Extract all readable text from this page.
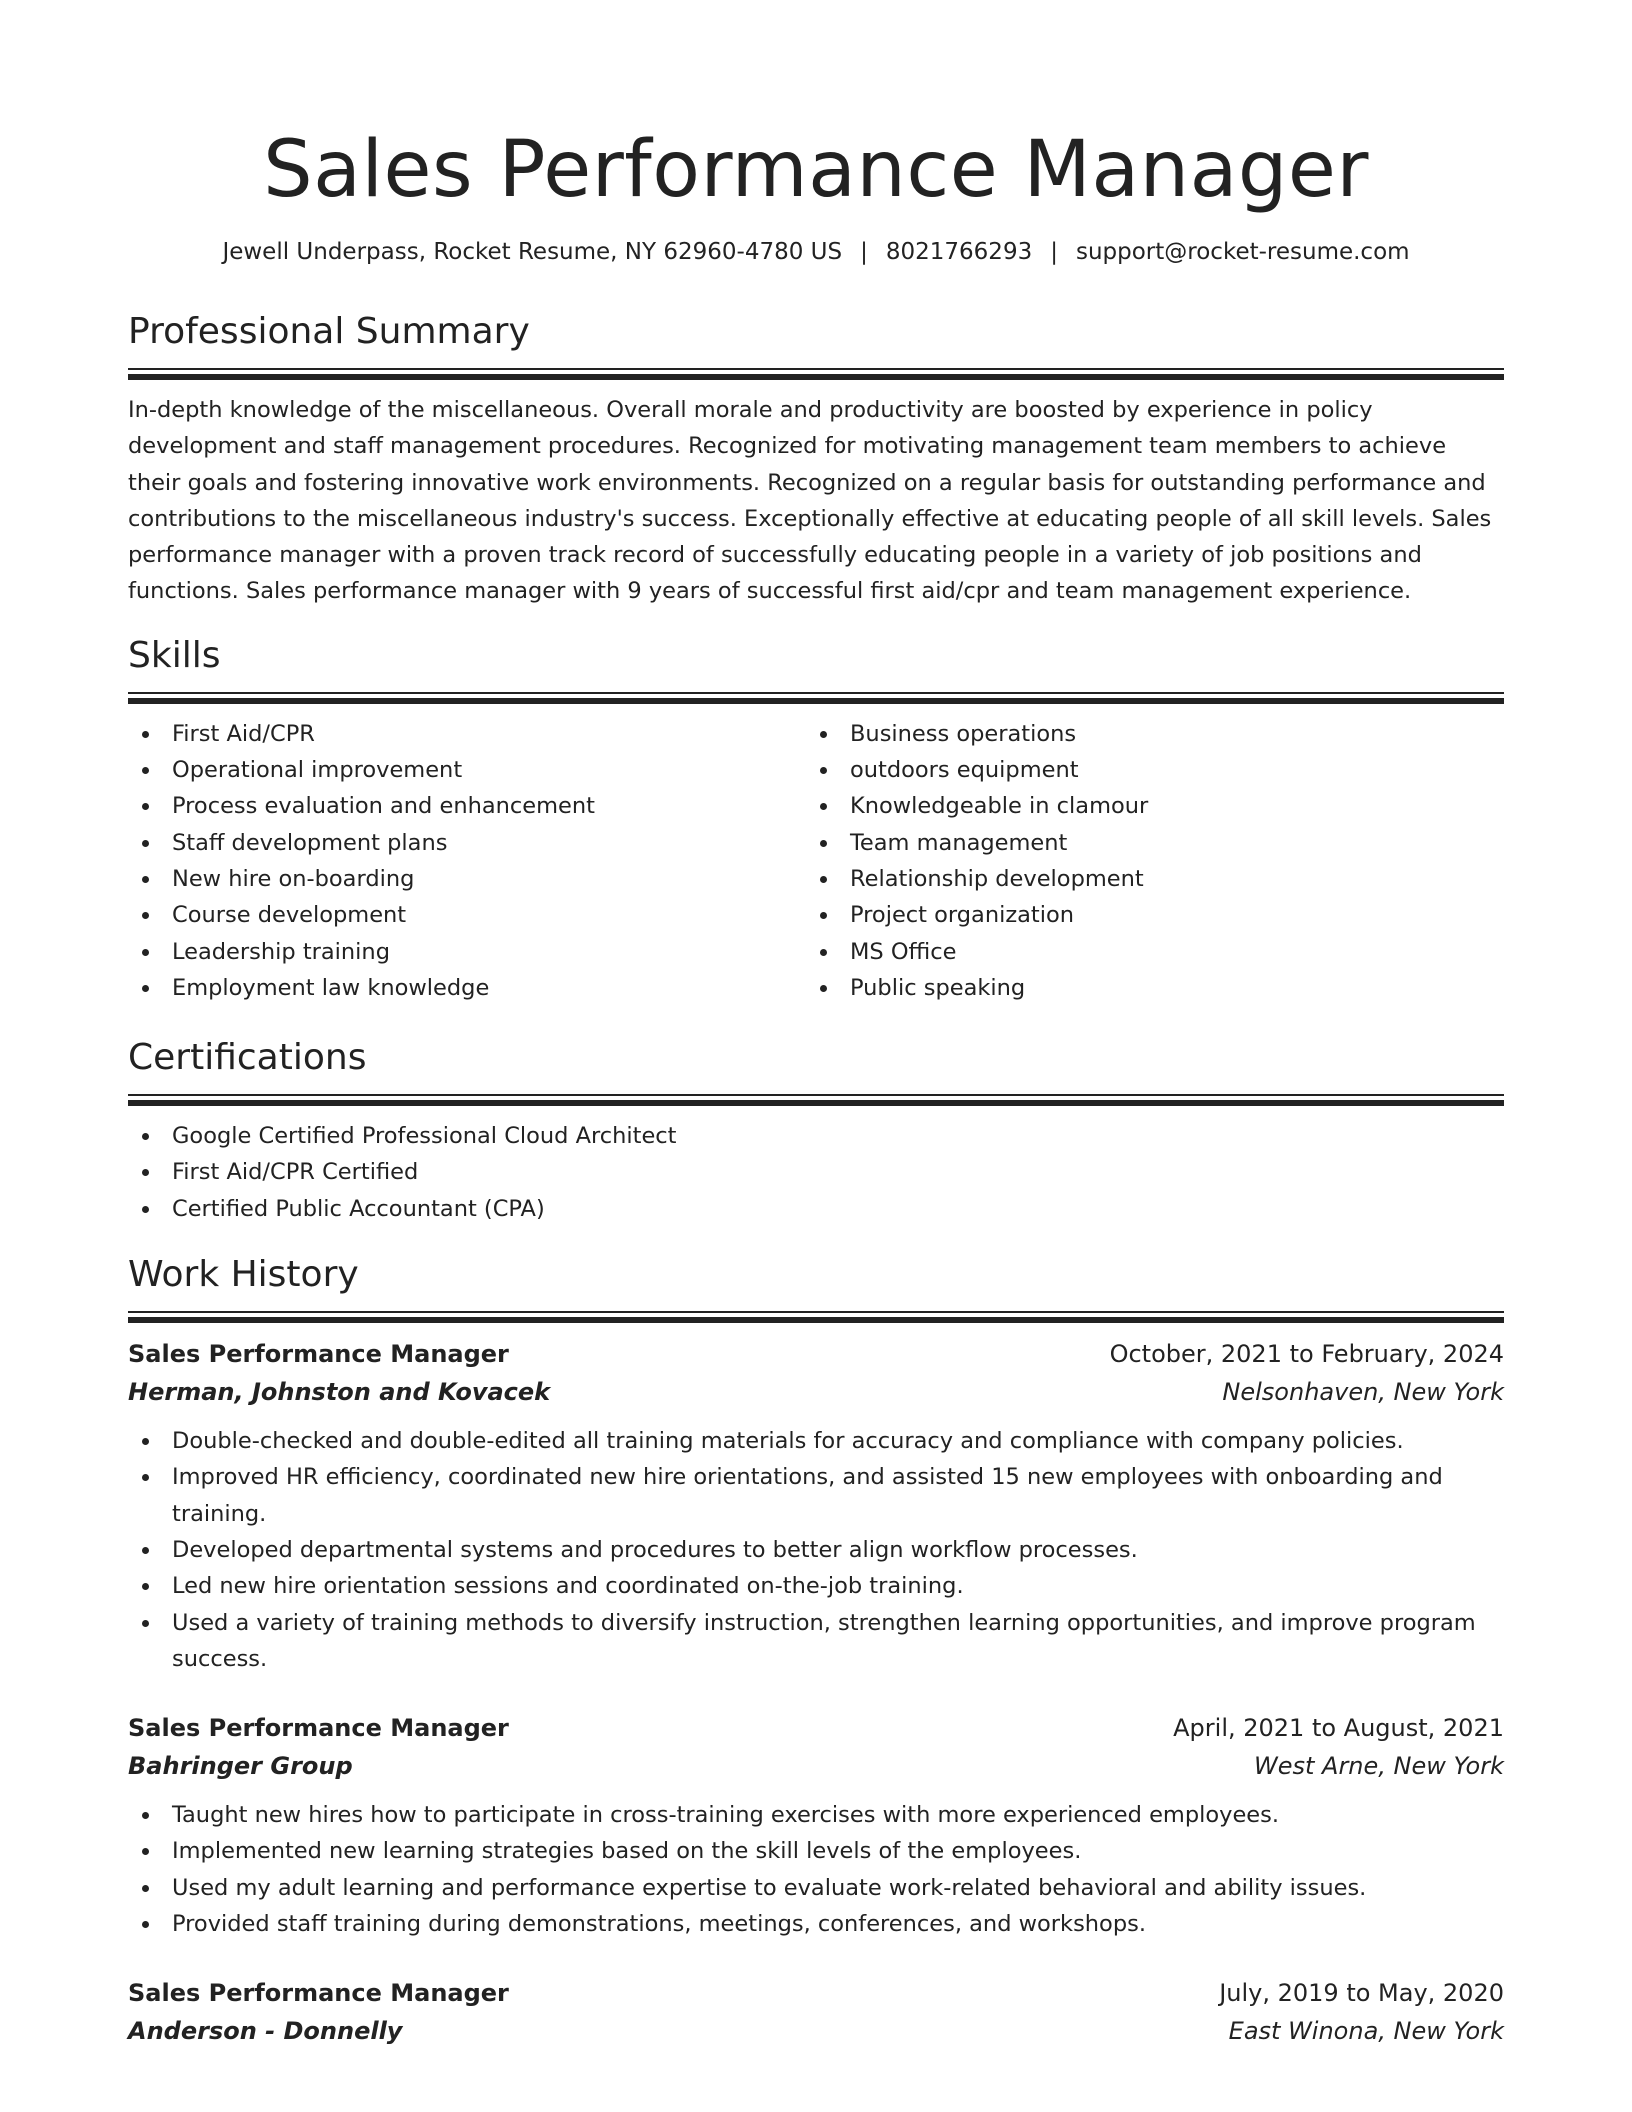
Sales Performance Manager
Jewell Underpass, Rocket Resume, NY 62960-4780 US | 8021766293 | support@rocket-resume.com
Professional Summary

In-depth knowledge of the miscellaneous. Overall morale and productivity are boosted by experience in policy development and staff management procedures. Recognized for motivating management team members to achieve their goals and fostering innovative work environments. Recognized on a regular basis for outstanding performance and contributions to the miscellaneous industry's success. Exceptionally effective at educating people of all skill levels. Sales performance manager with a proven track record of successfully educating people in a variety of job positions and functions. Sales performance manager with 9 years of successful first aid/cpr and team management experience.

Skills
First Aid/CPR
Operational improvement
Process evaluation and enhancement
Staff development plans
New hire on-boarding
Course development
Leadership training
Employment law knowledge
Business operations
outdoors equipment
Knowledgeable in clamour
Team management
Relationship development
Project organization
MS Office
Public speaking
Certifications
Google Certified Professional Cloud Architect
First Aid/CPR Certified
Certified Public Accountant (CPA)
Work History
Sales Performance Manager	October, 2021 to February, 2024
Herman, Johnston and Kovacek	Nelsonhaven, New York
Double-checked and double-edited all training materials for accuracy and compliance with company policies.
Improved HR efficiency, coordinated new hire orientations, and assisted 15 new employees with onboarding and training.
Developed departmental systems and procedures to better align workflow processes.
Led new hire orientation sessions and coordinated on-the-job training.
Used a variety of training methods to diversify instruction, strengthen learning opportunities, and improve program success.
Sales Performance Manager	April, 2021 to August, 2021
Bahringer Group	West Arne, New York
Taught new hires how to participate in cross-training exercises with more experienced employees.
Implemented new learning strategies based on the skill levels of the employees.
Used my adult learning and performance expertise to evaluate work-related behavioral and ability issues.
Provided staff training during demonstrations, meetings, conferences, and workshops.
Sales Performance Manager	July, 2019 to May, 2020
Anderson - Donnelly	East Winona, New York
